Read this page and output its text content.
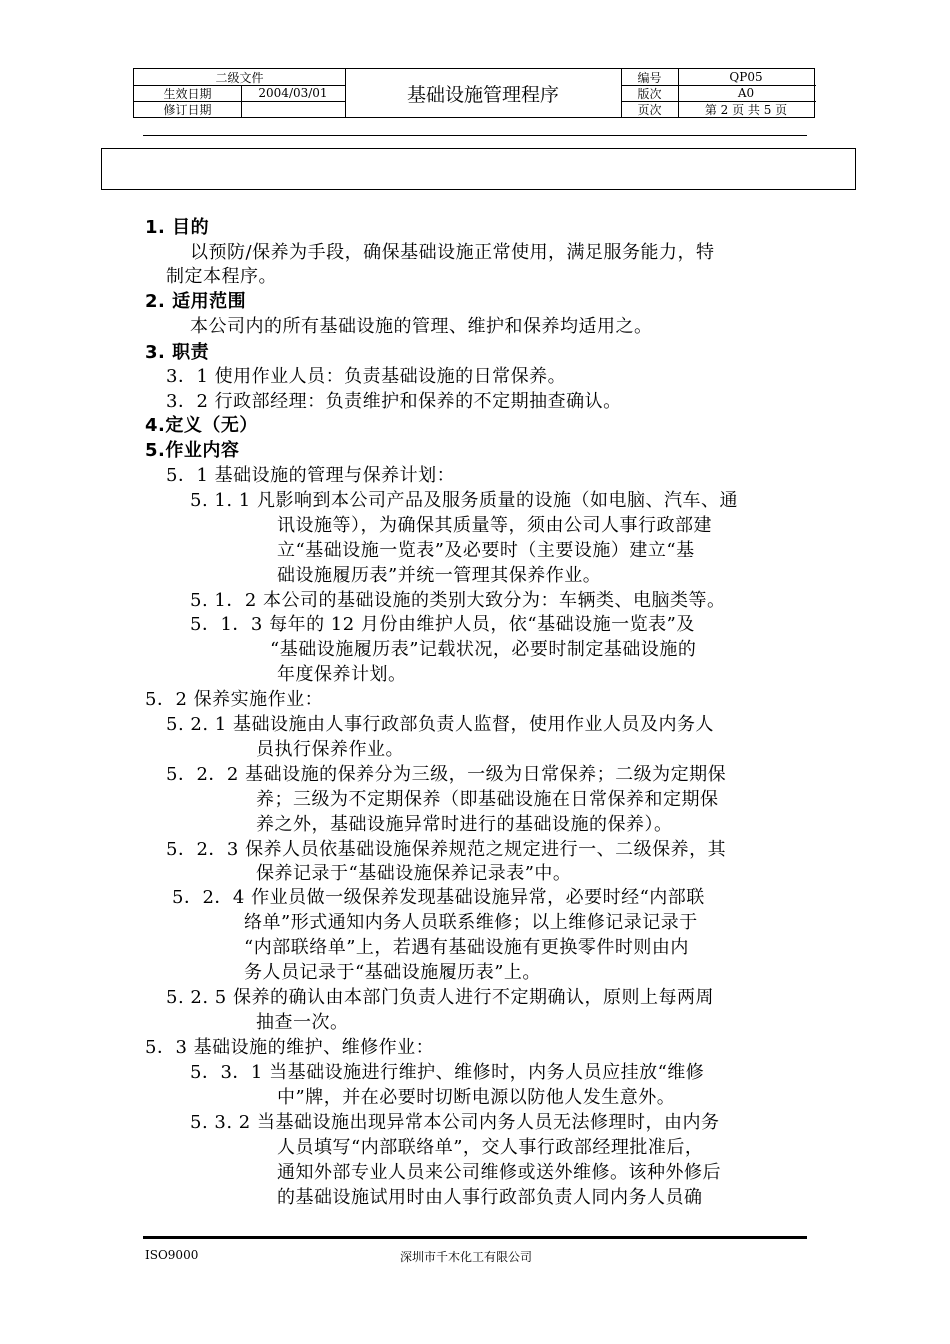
二级文件
生效日期	2004/03/01
修订日期
基础设施管理程序
编号	QP05
版次	A0
页次	第 2 页 共 5 页
1. 目的
以预防/保养为手段，确保基础设施正常使用，满足服务能力，特
制定本程序。
2. 适用范围
本公司内的所有基础设施的管理、维护和保养均适用之。
3. 职责
3．1 使用作业人员：负责基础设施的日常保养。
3．2 行政部经理：负责维护和保养的不定期抽查确认。
4.定义（无）
5.作业内容
5．1 基础设施的管理与保养计划：
5. 1. 1 凡影响到本公司产品及服务质量的设施（如电脑、汽车、通
讯设施等），为确保其质量等，须由公司人事行政部建
立“基础设施一览表”及必要时（主要设施）建立“基
础设施履历表”并统一管理其保养作业。
5. 1．2 本公司的基础设施的类别大致分为：车辆类、电脑类等。
5．1．3 每年的 12 月份由维护人员，依“基础设施一览表”及
“基础设施履历表”记载状况，必要时制定基础设施的
年度保养计划。
5．2 保养实施作业：
5. 2. 1 基础设施由人事行政部负责人监督，使用作业人员及内务人
员执行保养作业。
5．2．2 基础设施的保养分为三级，一级为日常保养；二级为定期保
养；三级为不定期保养（即基础设施在日常保养和定期保
养之外，基础设施异常时进行的基础设施的保养）。
5．2．3 保养人员依基础设施保养规范之规定进行一、二级保养，其
保养记录于“基础设施保养记录表”中。
5．2．4 作业员做一级保养发现基础设施异常，必要时经“内部联
络单”形式通知内务人员联系维修；以上维修记录记录于
“内部联络单”上，若遇有基础设施有更换零件时则由内
务人员记录于“基础设施履历表”上。
5. 2. 5 保养的确认由本部门负责人进行不定期确认，原则上每两周
抽查一次。
5．3 基础设施的维护、维修作业：
5．3．1 当基础设施进行维护、维修时，内务人员应挂放“维修
中”牌，并在必要时切断电源以防他人发生意外。
5. 3. 2 当基础设施出现异常本公司内务人员无法修理时，由内务
人员填写“内部联络单”，交人事行政部经理批准后，
通知外部专业人员来公司维修或送外维修。该种外修后
的基础设施试用时由人事行政部负责人同内务人员确
ISO9000	深圳市千木化工有限公司
